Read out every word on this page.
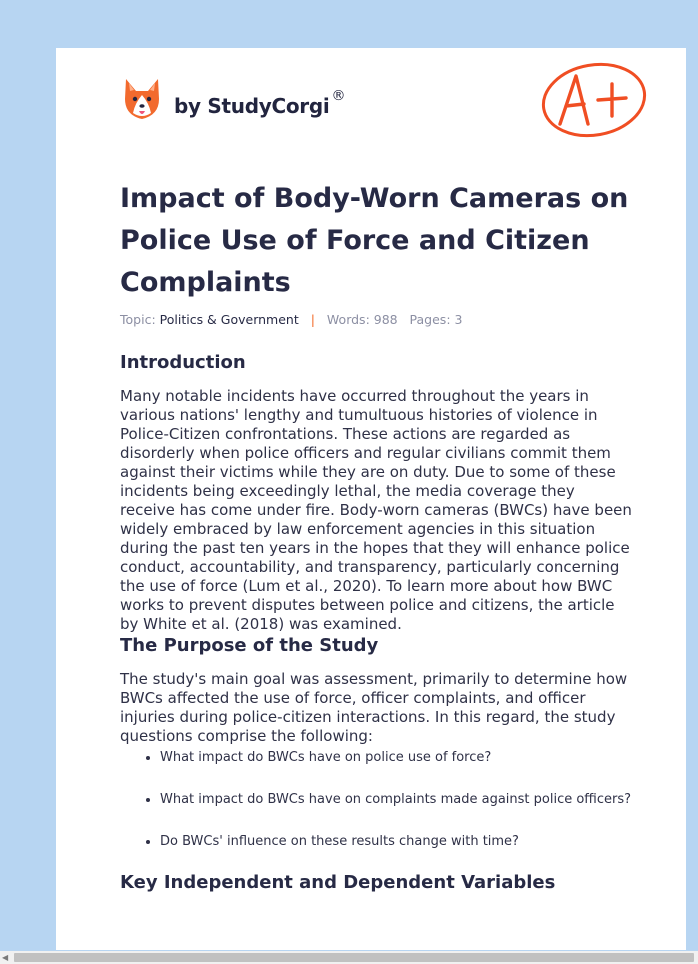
by StudyCorgi ®
Impact of Body-Worn Cameras on Police Use of Force and Citizen Complaints
Topic: Politics & Government | Words: 988 Pages: 3
Introduction

Many notable incidents have occurred throughout the years in various nations' lengthy and tumultuous histories of violence in Police-Citizen confrontations. These actions are regarded as disorderly when police officers and regular civilians commit them against their victims while they are on duty. Due to some of these incidents being exceedingly lethal, the media coverage they receive has come under fire. Body-worn cameras (BWCs) have been widely embraced by law enforcement agencies in this situation during the past ten years in the hopes that they will enhance police conduct, accountability, and transparency, particularly concerning the use of force (Lum et al., 2020). To learn more about how BWC works to prevent disputes between police and citizens, the article by White et al. (2018) was examined.

The Purpose of the Study

The study's main goal was assessment, primarily to determine how BWCs affected the use of force, officer complaints, and officer injuries during police-citizen interactions. In this regard, the study questions comprise the following:

• What impact do BWCs have on police use of force?
• What impact do BWCs have on complaints made against police officers?
• Do BWCs' influence on these results change with time?
Key Independent and Dependent Variables
◀
